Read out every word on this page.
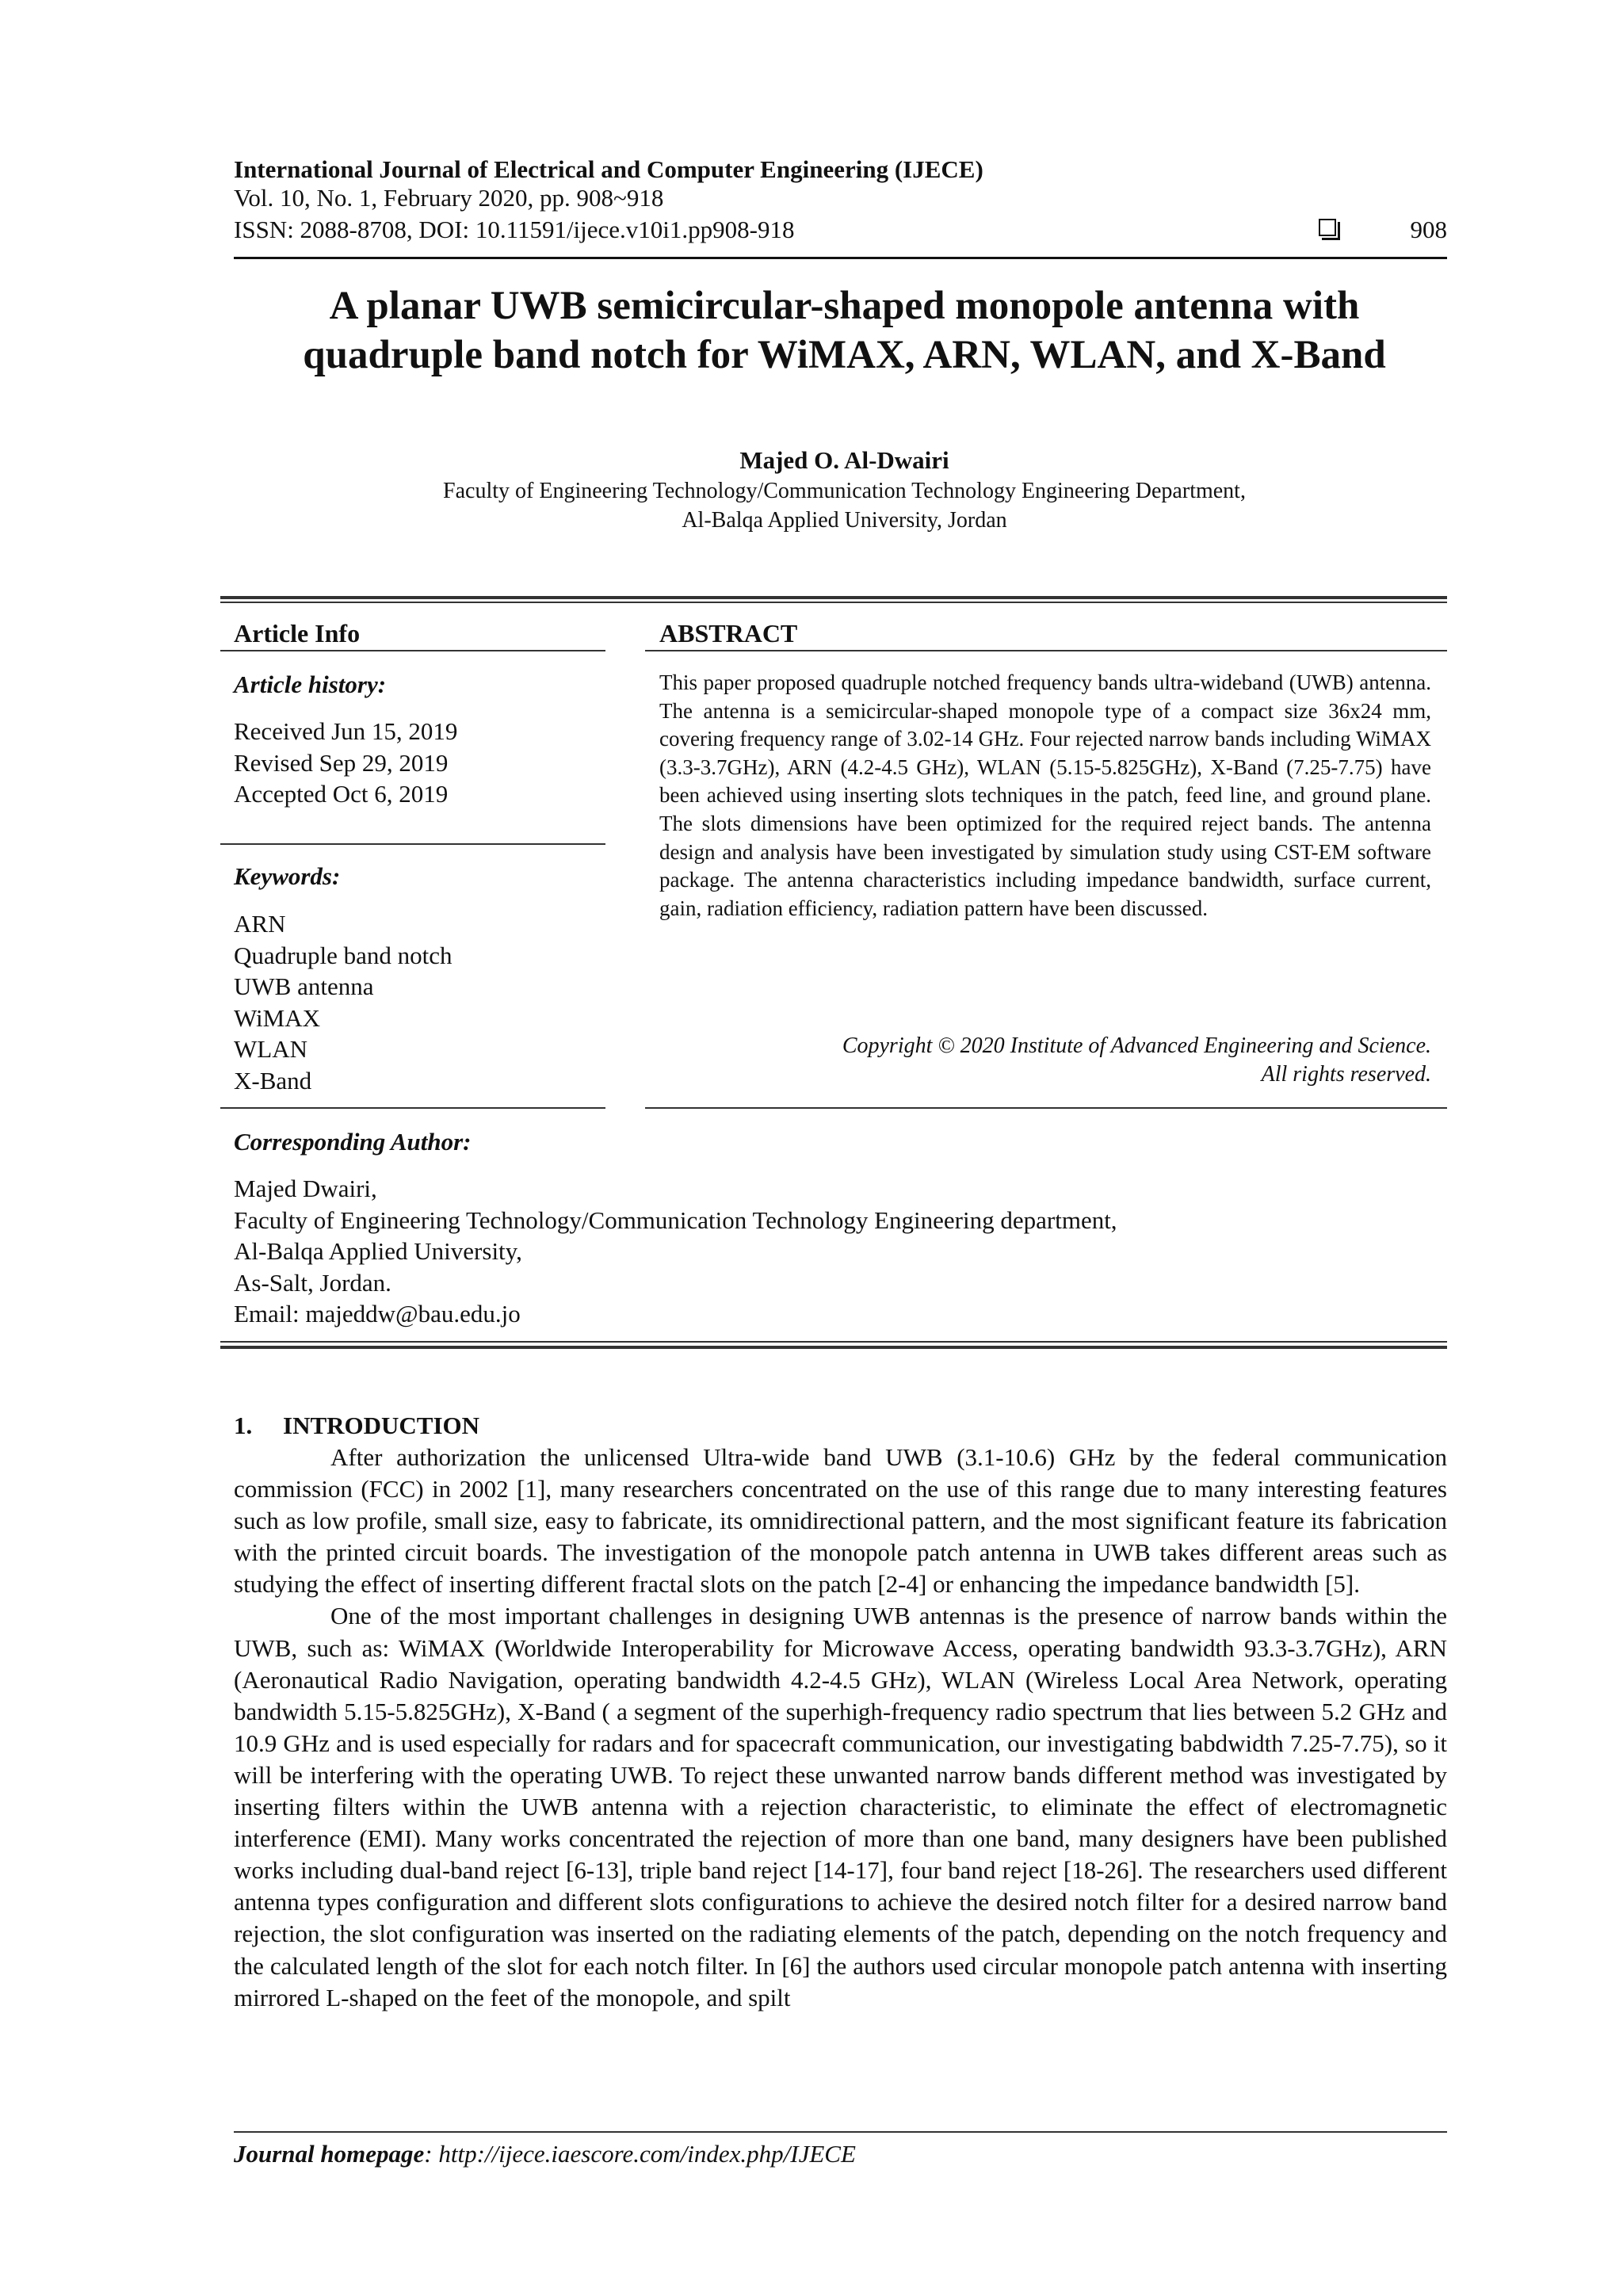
International Journal of Electrical and Computer Engineering (IJECE)
Vol. 10, No. 1, February 2020, pp. 908~918
ISSN: 2088-8708, DOI: 10.11591/ijece.v10i1.pp908-918	908
A planar UWB semicircular-shaped monopole antenna with
quadruple band notch for WiMAX, ARN, WLAN, and X-Band
Majed O. Al-Dwairi
Faculty of Engineering Technology/Communication Technology Engineering Department,
Al-Balqa Applied University, Jordan
Article Info
Article history:
Received Jun 15, 2019
Revised Sep 29, 2019
Accepted Oct 6, 2019
Keywords:
ARN
Quadruple band notch
UWB antenna
WiMAX
WLAN
X-Band
ABSTRACT
This paper proposed quadruple notched frequency bands ultra-wideband (UWB) antenna. The antenna is a semicircular-shaped monopole type of a compact size 36x24 mm, covering frequency range of 3.02-14 GHz. Four rejected narrow bands including WiMAX (3.3-3.7GHz), ARN (4.2-4.5 GHz), WLAN (5.15-5.825GHz), X-Band (7.25-7.75) have been achieved using inserting slots techniques in the patch, feed line, and ground plane. The slots dimensions have been optimized for the required reject bands. The antenna design and analysis have been investigated by simulation study using CST-EM software package. The antenna characteristics including impedance bandwidth, surface current, gain, radiation efficiency, radiation pattern have been discussed.
Copyright © 2020 Institute of Advanced Engineering and Science.
All rights reserved.
Corresponding Author:
Majed Dwairi,
Faculty of Engineering Technology/Communication Technology Engineering department,
Al-Balqa Applied University,
As-Salt, Jordan.
Email: majeddw@bau.edu.jo
1.     INTRODUCTION

After authorization the unlicensed Ultra-wide band UWB (3.1-10.6) GHz by the federal communication commission (FCC) in 2002 [1], many researchers concentrated on the use of this range due to many interesting features such as low profile, small size, easy to fabricate, its omnidirectional pattern, and the most significant feature its fabrication with the printed circuit boards. The investigation of the monopole patch antenna in UWB takes different areas such as studying the effect of inserting different fractal slots on the patch [2-4] or enhancing the impedance bandwidth [5].

One of the most important challenges in designing UWB antennas is the presence of narrow bands within the UWB, such as: WiMAX (Worldwide Interoperability for Microwave Access, operating bandwidth 93.3-3.7GHz), ARN (Aeronautical Radio Navigation, operating bandwidth 4.2-4.5 GHz), WLAN (Wireless Local Area Network, operating bandwidth 5.15-5.825GHz), X-Band ( a segment of the superhigh-frequency radio spectrum that lies between 5.2 GHz and 10.9 GHz and is used especially for radars and for spacecraft communication, our investigating babdwidth 7.25-7.75), so it will be interfering with the operating UWB. To reject these unwanted narrow bands different method was investigated by inserting filters within the UWB antenna with a rejection characteristic, to eliminate the effect of electromagnetic interference (EMI). Many works concentrated the rejection of more than one band, many designers have been published works including dual-band reject [6-13], triple band reject [14-17], four band reject [18-26]. The researchers used different antenna types configuration and different slots configurations to achieve the desired notch filter for a desired narrow band rejection, the slot configuration was inserted on the radiating elements of the patch, depending on the notch frequency and the calculated length of the slot for each notch filter. In [6] the authors used circular monopole patch antenna with inserting mirrored L-shaped on the feet of the monopole, and spilt

Journal homepage: http://ijece.iaescore.com/index.php/IJECE
